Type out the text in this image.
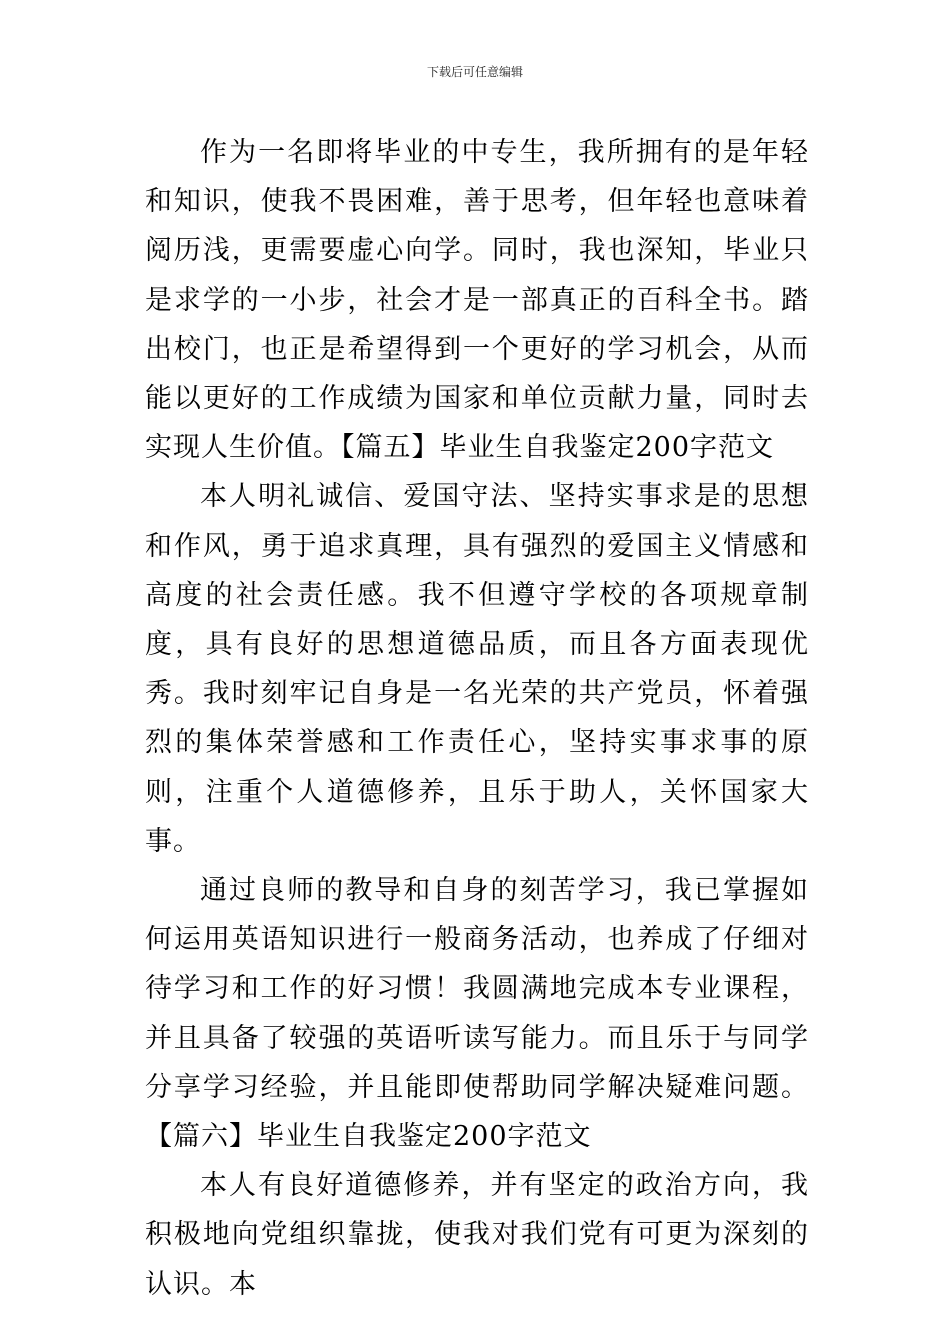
下载后可任意编辑

作为一名即将毕业的中专生，我所拥有的是年轻和知识，使我不畏困难，善于思考，但年轻也意味着阅历浅，更需要虚心向学。同时，我也深知，毕业只是求学的一小步，社会才是一部真正的百科全书。踏出校门，也正是希望得到一个更好的学习机会，从而能以更好的工作成绩为国家和单位贡献力量，同时去实现人生价值。【篇五】毕业生自我鉴定200字范文

本人明礼诚信、爱国守法、坚持实事求是的思想和作风，勇于追求真理，具有强烈的爱国主义情感和高度的社会责任感。我不但遵守学校的各项规章制度，具有良好的思想道德品质，而且各方面表现优秀。我时刻牢记自身是一名光荣的共产党员，怀着强烈的集体荣誉感和工作责任心，坚持实事求事的原则，注重个人道德修养，且乐于助人，关怀国家大事。

通过良师的教导和自身的刻苦学习，我已掌握如何运用英语知识进行一般商务活动，也养成了仔细对待学习和工作的好习惯！我圆满地完成本专业课程，并且具备了较强的英语听读写能力。而且乐于与同学分享学习经验，并且能即使帮助同学解决疑难问题。【篇六】毕业生自我鉴定200字范文

本人有良好道德修养，并有坚定的政治方向，我积极地向党组织靠拢，使我对我们党有可更为深刻的认识。本
